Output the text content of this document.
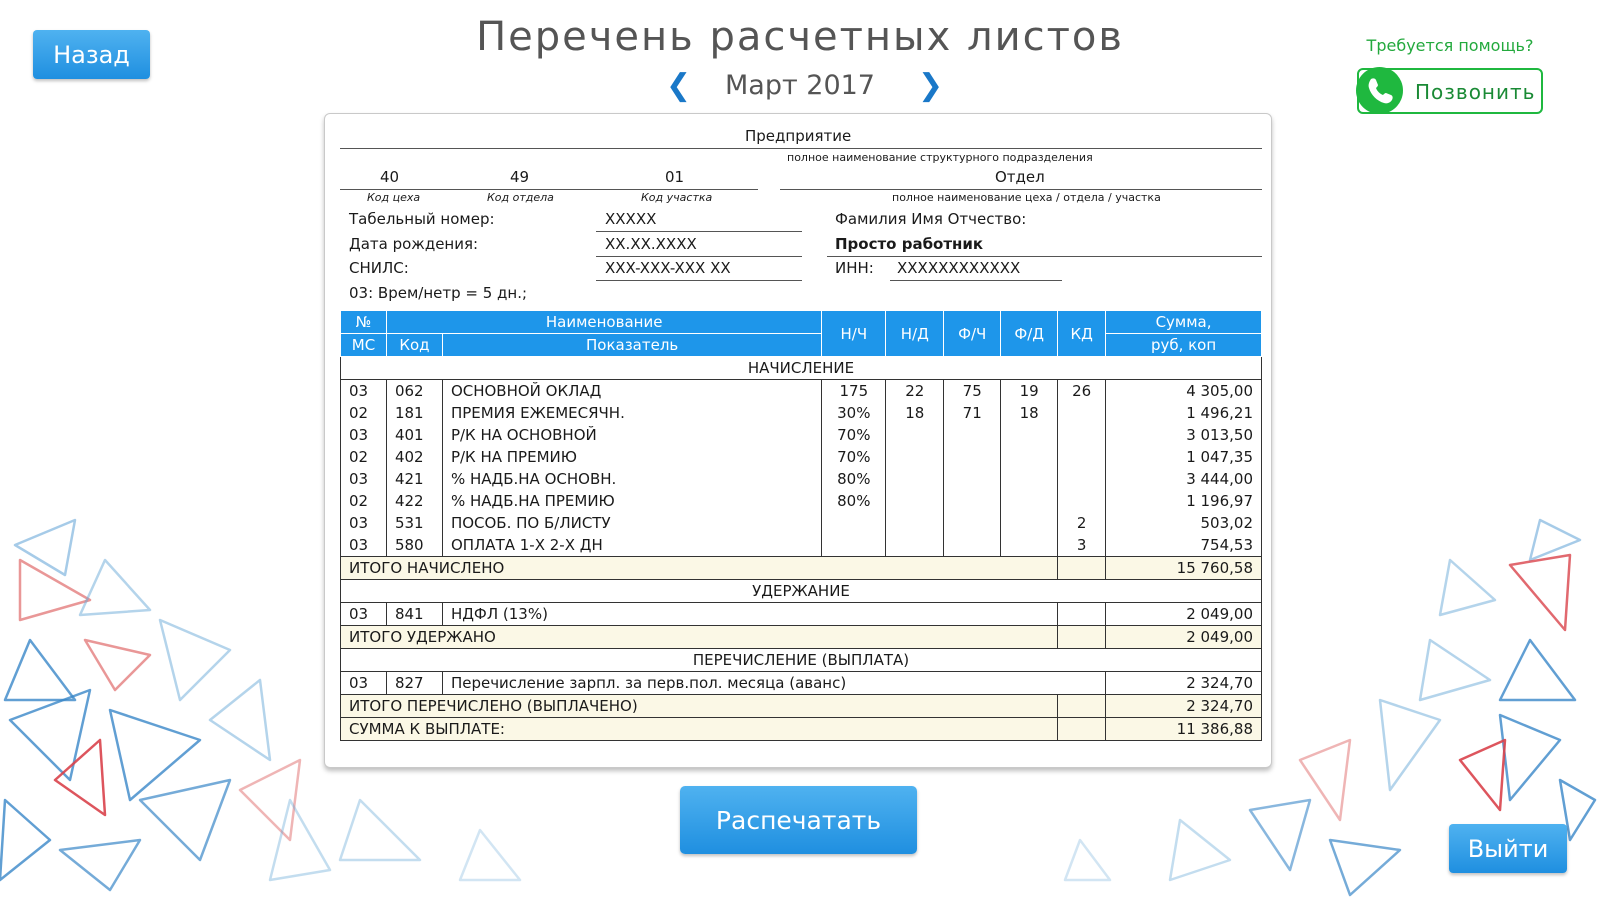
Назад	Перечень расчетных листов
❮	Март 2017	❯
Требуется помощь?
Позвонить
Предприятие
полное наименование структурного подразделения
40	49	01
Код цеха	Код отдела	Код участка
Отдел
полное наименование цеха / отдела / участка
Табельный номер:	XXXXX	Фамилия Имя Отчество:
Дата рождения:	XX.XX.XXXX	Просто работник
СНИЛС:	XXX-XXX-XXX XX	ИНН: XXXXXXXXXXXX
03: Врем/нетр = 5 дн.;
№	Наименование		Н/Ч	Н/Д	Ф/Ч	Ф/Д	КД	Сумма,
МС	Код	Показатель						руб, коп
НАЧИСЛЕНИЕ								
03	062	ОСНОВНОЙ ОКЛАД	175	22	75	19	26	4 305,00
02	181	ПРЕМИЯ ЕЖЕМЕСЯЧН.	30%	18	71	18		1 496,21
03	401	Р/К НА ОСНОВНОЙ	70%					3 013,50
02	402	Р/К НА ПРЕМИЮ	70%					1 047,35
03	421	% НАДБ.НА ОСНОВН.	80%					3 444,00
02	422	% НАДБ.НА ПРЕМИЮ	80%					1 196,97
03	531	ПОСОБ. ПО Б/ЛИСТУ					2	503,02
03	580	ОПЛАТА 1-Х 2-Х ДН					3	754,53
ИТОГО НАЧИСЛЕНО								15 760,58
УДЕРЖАНИЕ								
03	841	НДФЛ (13%)						2 049,00
ИТОГО УДЕРЖАНО								2 049,00
ПЕРЕЧИСЛЕНИЕ (ВЫПЛАТА)								
03	827	Перечисление зарпл. за перв.пол. месяца (аванс)						2 324,70
ИТОГО ПЕРЕЧИСЛЕНО (ВЫПЛАЧЕНО)								2 324,70
СУММА К ВЫПЛАТЕ:								11 386,88
Распечатать
Выйти
